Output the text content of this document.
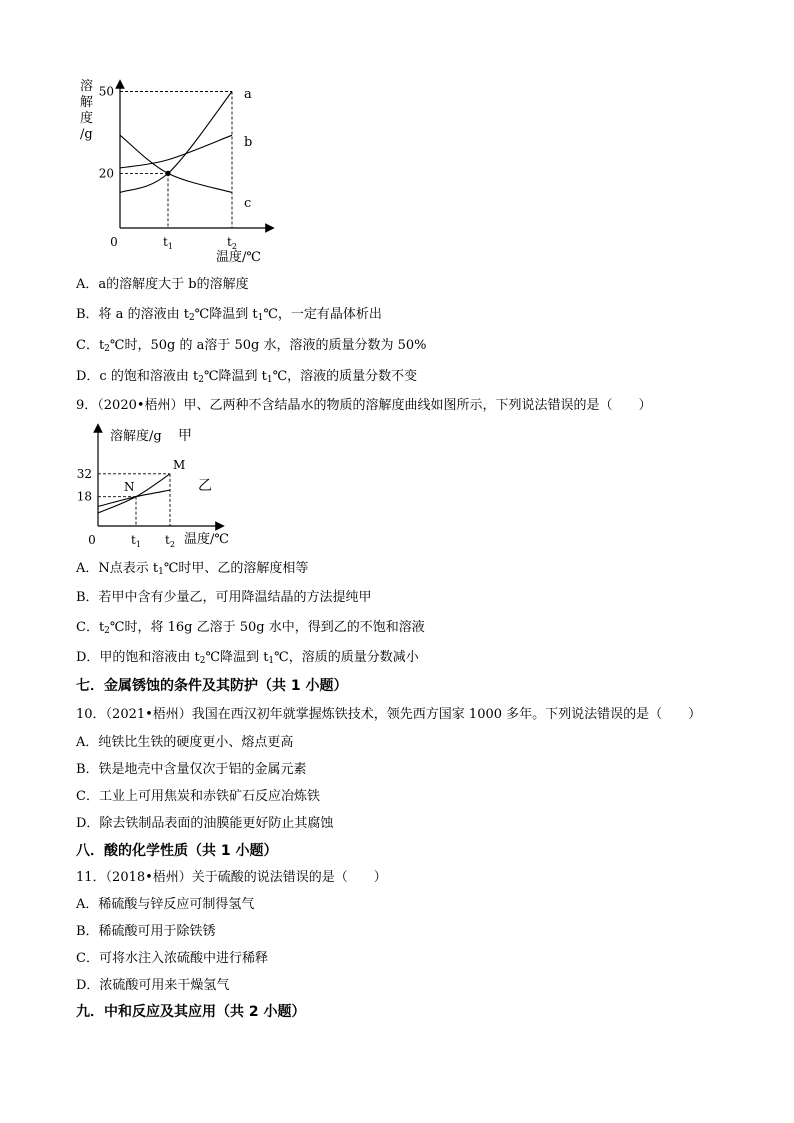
溶
解
度
/g
温度/℃
0
20
50
$t_1$	$t_2$
a
b
c
溶解度/g
温度/℃
0
18
32
$t_1$ $t_2$
甲
乙
N
M
A．a的溶解度大于 b的溶解度
B．将 a 的溶液由 $t_2℃$降温到 $t_1℃$，一定有晶体析出
C．$t_2℃$时，50g 的 a溶于 50g 水，溶液的质量分数为 50%
D．c 的饱和溶液由 $t_2℃$降温到 $t_1℃$，溶液的质量分数不变
9．（2020•梧州）甲、乙两种不含结晶水的物质的溶解度曲线如图所示，下列说法错误的是（　　）
A．N点表示 $t_1℃$时甲、乙的溶解度相等
B．若甲中含有少量乙，可用降温结晶的方法提纯甲
C．$t_2℃$时，将 16g 乙溶于 50g 水中，得到乙的不饱和溶液
D．甲的饱和溶液由 $t_2℃$降温到 $t_1℃$，溶质的质量分数减小
七．金属锈蚀的条件及其防护（共 1 小题）
10．（2021•梧州）我国在西汉初年就掌握炼铁技术，领先西方国家 1000 多年。下列说法错误的是（　　）
A．纯铁比生铁的硬度更小、熔点更高
B．铁是地壳中含量仅次于铝的金属元素
C．工业上可用焦炭和赤铁矿石反应冶炼铁
D．除去铁制品表面的油膜能更好防止其腐蚀
八．酸的化学性质（共 1 小题）
11．（2018•梧州）关于硫酸的说法错误的是（　　）
A．稀硫酸与锌反应可制得氢气
B．稀硫酸可用于除铁锈
C．可将水注入浓硫酸中进行稀释
D．浓硫酸可用来干燥氢气
九．中和反应及其应用（共 2 小题）
